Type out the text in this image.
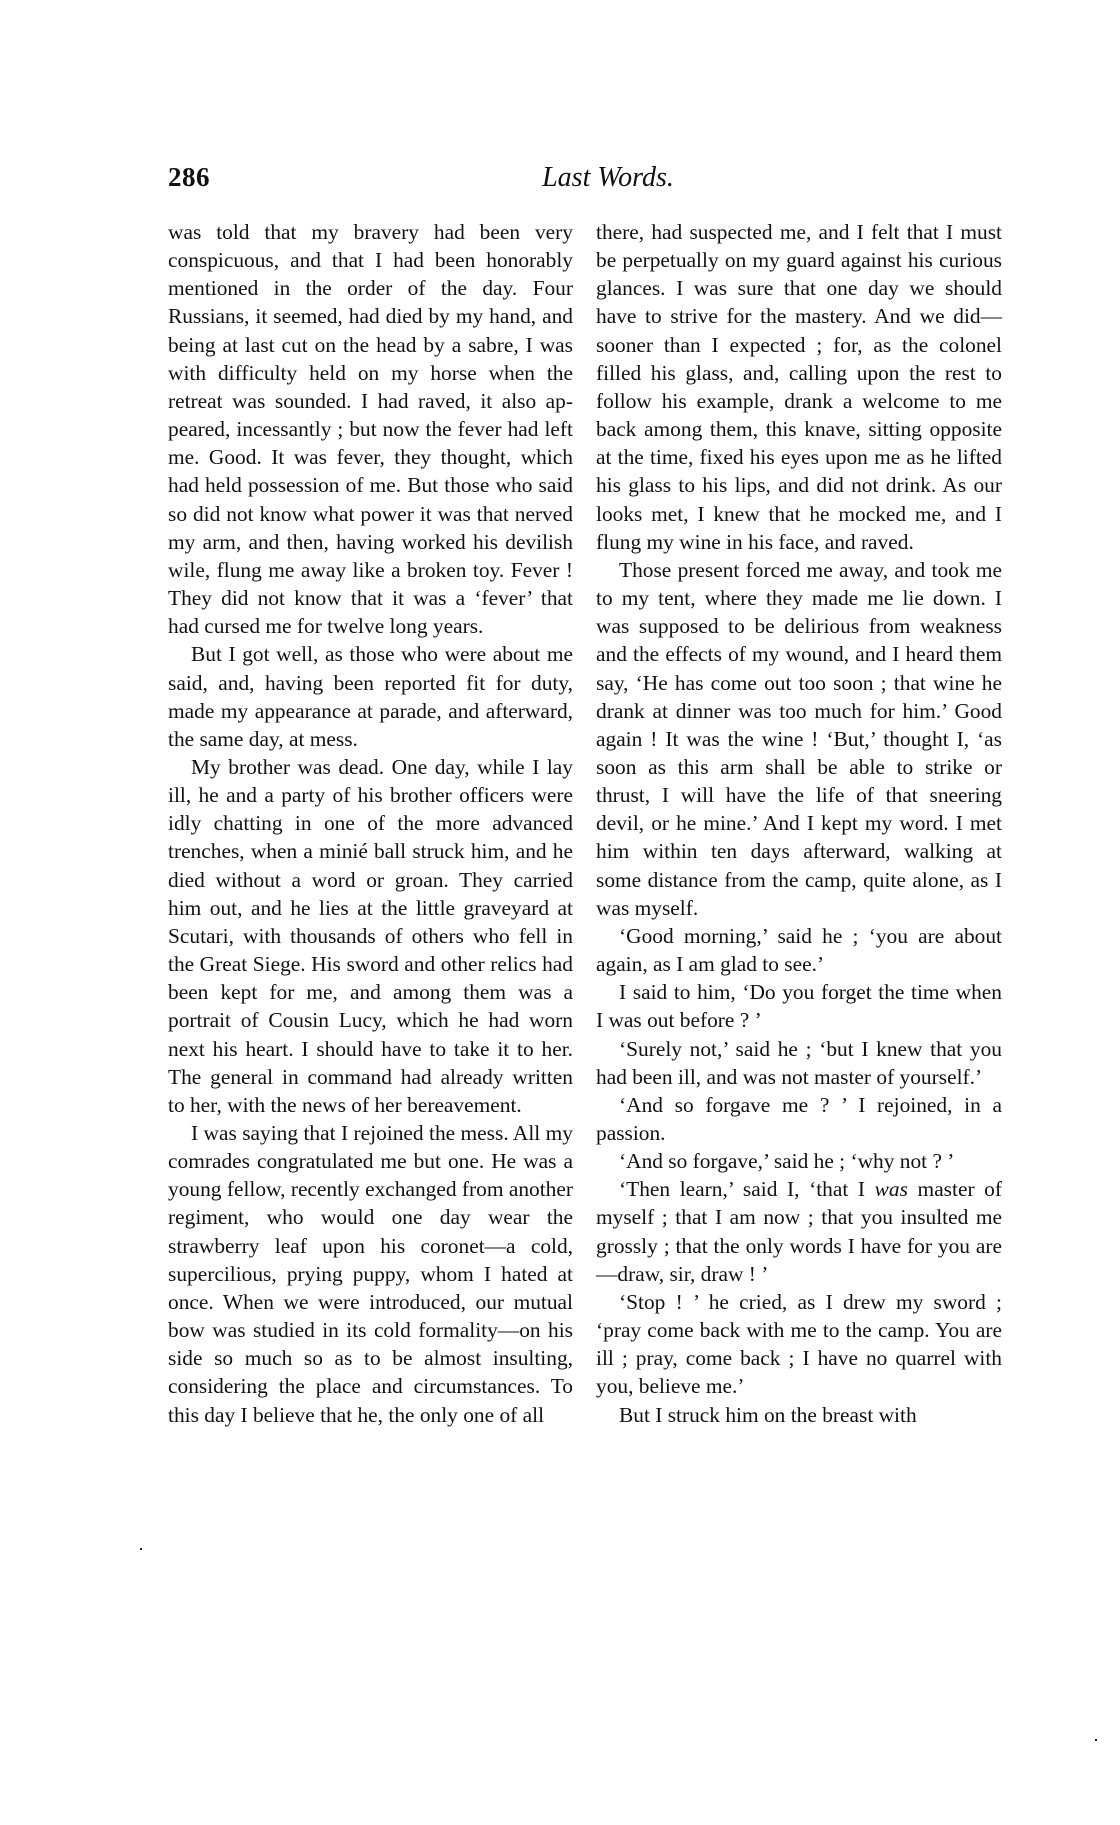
286	Last Words.

was told that my bravery had been very conspicuous, and that I had been honorably mentioned in the order of the day. Four Russians, it seemed, had died by my hand, and being at last cut on the head by a sabre, I was with difficulty held on my horse when the retreat was sounded. I had raved, it also appeared, incessantly ; but now the fever had left me. Good. It was fever, they thought, which had held possession of me. But those who said so did not know what power it was that nerved my arm, and then, having worked his devilish wile, flung me away like a broken toy. Fever ! They did not know that it was a ‘fever’ that had cursed me for twelve long years.

But I got well, as those who were about me said, and, having been reported fit for duty, made my appearance at parade, and afterward, the same day, at mess.

My brother was dead. One day, while I lay ill, he and a party of his brother officers were idly chatting in one of the more advanced trenches, when a minié ball struck him, and he died without a word or groan. They carried him out, and he lies at the little graveyard at Scutari, with thousands of others who fell in the Great Siege. His sword and other relics had been kept for me, and among them was a portrait of Cousin Lucy, which he had worn next his heart. I should have to take it to her. The general in command had already written to her, with the news of her bereavement.

I was saying that I rejoined the mess. All my comrades congratulated me but one. He was a young fellow, recently exchanged from another regiment, who would one day wear the strawberry leaf upon his coronet—a cold, supercilious, prying puppy, whom I hated at once. When we were introduced, our mutual bow was studied in its cold formality—on his side so much so as to be almost insulting, considering the place and circumstances. To this day I believe that he, the only one of all

there, had suspected me, and I felt that I must be perpetually on my guard against his curious glances. I was sure that one day we should have to strive for the mastery. And we did—sooner than I expected ; for, as the colonel filled his glass, and, calling upon the rest to follow his example, drank a welcome to me back among them, this knave, sitting opposite at the time, fixed his eyes upon me as he lifted his glass to his lips, and did not drink. As our looks met, I knew that he mocked me, and I flung my wine in his face, and raved.

Those present forced me away, and took me to my tent, where they made me lie down. I was supposed to be delirious from weakness and the effects of my wound, and I heard them say, ‘He has come out too soon ; that wine he drank at dinner was too much for him.’ Good again ! It was the wine ! ‘But,’ thought I, ‘as soon as this arm shall be able to strike or thrust, I will have the life of that sneering devil, or he mine.’ And I kept my word. I met him within ten days afterward, walking at some distance from the camp, quite alone, as I was myself.

‘Good morning,’ said he ; ‘you are about again, as I am glad to see.’

I said to him, ‘Do you forget the time when I was out before ? ’

‘Surely not,’ said he ; ‘but I knew that you had been ill, and was not master of yourself.’

‘And so forgave me ? ’ I rejoined, in a passion.

‘And so forgave,’ said he ; ‘why not ? ’

‘Then learn,’ said I, ‘that I was master of myself ; that I am now ; that you insulted me grossly ; that the only words I have for you are—draw, sir, draw ! ’

‘Stop ! ’ he cried, as I drew my sword ; ‘pray come back with me to the camp. You are ill ; pray, come back ; I have no quarrel with you, believe me.’

But I struck him on the breast with
